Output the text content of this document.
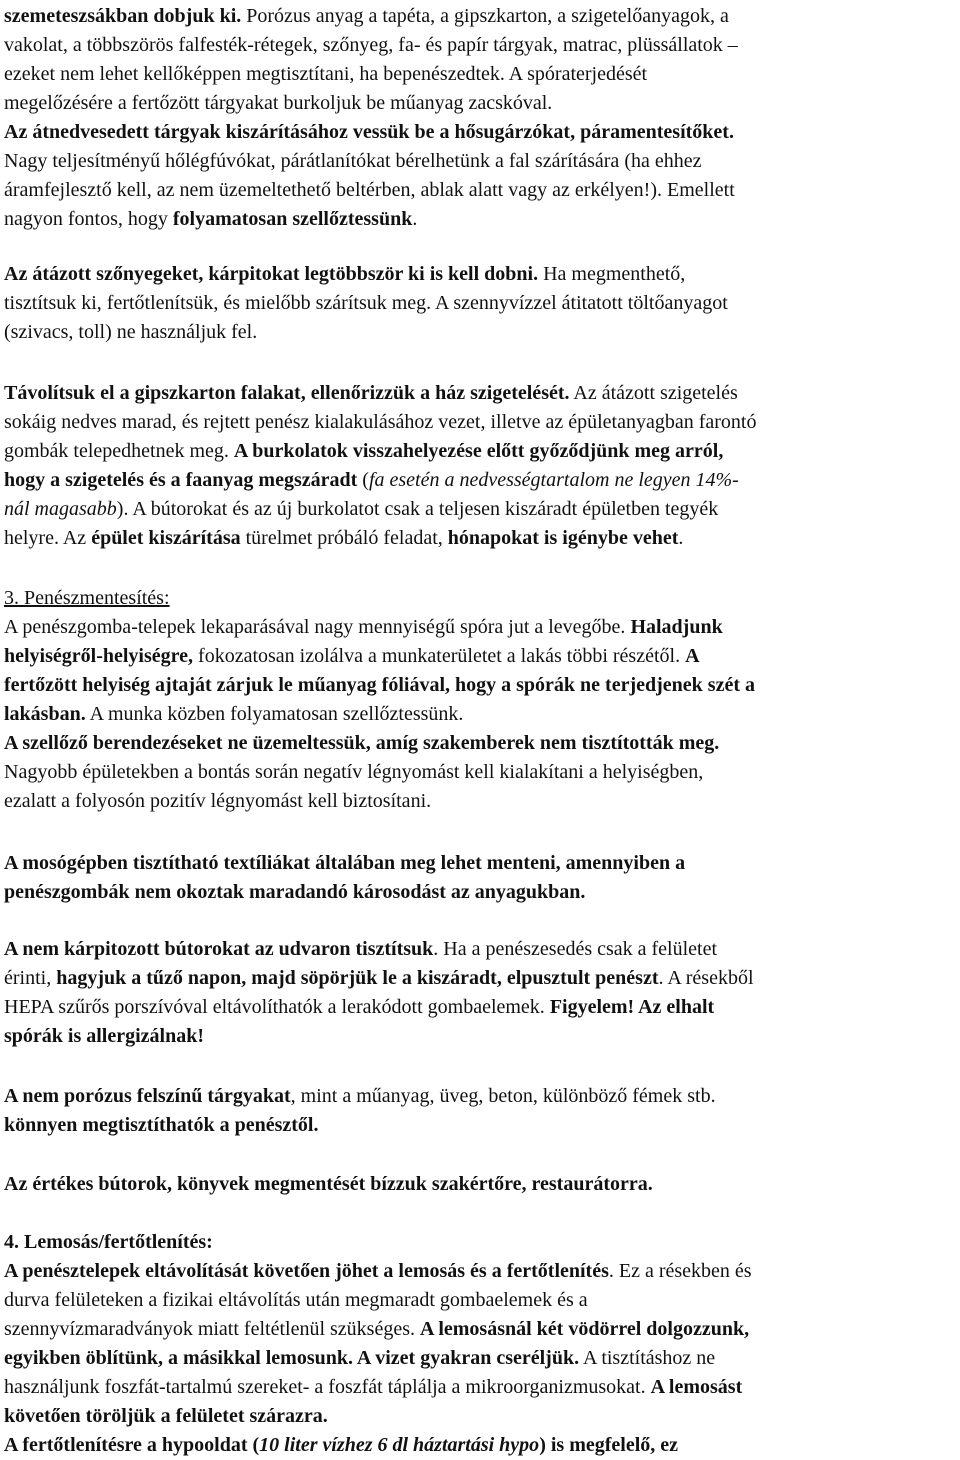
szemeteszsákban dobjuk ki. Porózus anyag a tapéta, a gipszkarton, a szigetelőanyagok, a
vakolat, a többszörös falfesték-rétegek, szőnyeg, fa- és papír tárgyak, matrac, plüssállatok –
ezeket nem lehet kellőképpen megtisztítani, ha bepenészedtek. A spóraterjedését
megelőzésére a fertőzött tárgyakat burkoljuk be műanyag zacskóval.
Az átnedvesedett tárgyak kiszárításához vessük be a hősugárzókat, páramentesítőket.
Nagy teljesítményű hőlégfúvókat, párátlanítókat bérelhetünk a fal szárítására (ha ehhez
áramfejlesztő kell, az nem üzemeltethető beltérben, ablak alatt vagy az erkélyen!). Emellett
nagyon fontos, hogy folyamatosan szellőztessünk.
Az átázott szőnyegeket, kárpitokat legtöbbször ki is kell dobni. Ha megmenthető,
tisztítsuk ki, fertőtlenítsük, és mielőbb szárítsuk meg. A szennyvízzel átitatott töltőanyagot
(szivacs, toll) ne használjuk fel.
Távolítsuk el a gipszkarton falakat, ellenőrizzük a ház szigetelését. Az átázott szigetelés
sokáig nedves marad, és rejtett penész kialakulásához vezet, illetve az épületanyagban farontó
gombák telepedhetnek meg. A burkolatok visszahelyezése előtt győződjünk meg arról,
hogy a szigetelés és a faanyag megszáradt (fa esetén a nedvességtartalom ne legyen 14%-
nál magasabb). A bútorokat és az új burkolatot csak a teljesen kiszáradt épületben tegyék
helyre. Az épület kiszárítása türelmet próbáló feladat, hónapokat is igénybe vehet.
3. Penészmentesítés:
A penészgomba-telepek lekaparásával nagy mennyiségű spóra jut a levegőbe. Haladjunk
helyiségről-helyiségre, fokozatosan izolálva a munkaterületet a lakás többi részétől. A
fertőzött helyiség ajtaját zárjuk le műanyag fóliával, hogy a spórák ne terjedjenek szét a
lakásban. A munka közben folyamatosan szellőztessünk.
A szellőző berendezéseket ne üzemeltessük, amíg szakemberek nem tisztították meg.
Nagyobb épületekben a bontás során negatív légnyomást kell kialakítani a helyiségben,
ezalatt a folyosón pozitív légnyomást kell biztosítani.
A mosógépben tisztítható textíliákat általában meg lehet menteni, amennyiben a
penészgombák nem okoztak maradandó károsodást az anyagukban.
A nem kárpitozott bútorokat az udvaron tisztítsuk. Ha a penészesedés csak a felületet
érinti, hagyjuk a tűző napon, majd söpörjük le a kiszáradt, elpusztult penészt. A résekből
HEPA szűrős porszívóval eltávolíthatók a lerakódott gombaelemek. Figyelem! Az elhalt
spórák is allergizálnak!
A nem porózus felszínű tárgyakat, mint a műanyag, üveg, beton, különböző fémek stb.
könnyen megtisztíthatók a penésztől.
Az értékes bútorok, könyvek megmentését bízzuk szakértőre, restaurátorra.
4. Lemosás/fertőtlenítés:
A penésztelepek eltávolítását követően jöhet a lemosás és a fertőtlenítés. Ez a résekben és
durva felületeken a fizikai eltávolítás után megmaradt gombaelemek és a
szennyvízmaradványok miatt feltétlenül szükséges. A lemosásnál két vödörrel dolgozzunk,
egyikben öblítünk, a másikkal lemosunk. A vizet gyakran cseréljük. A tisztításhoz ne
használjunk foszfát-tartalmú szereket- a foszfát táplálja a mikroorganizmusokat. A lemosást
követően töröljük a felületet szárazra.
A fertőtlenítésre a hypooldat (10 liter vízhez 6 dl háztartási hypo) is megfelelő, ez
